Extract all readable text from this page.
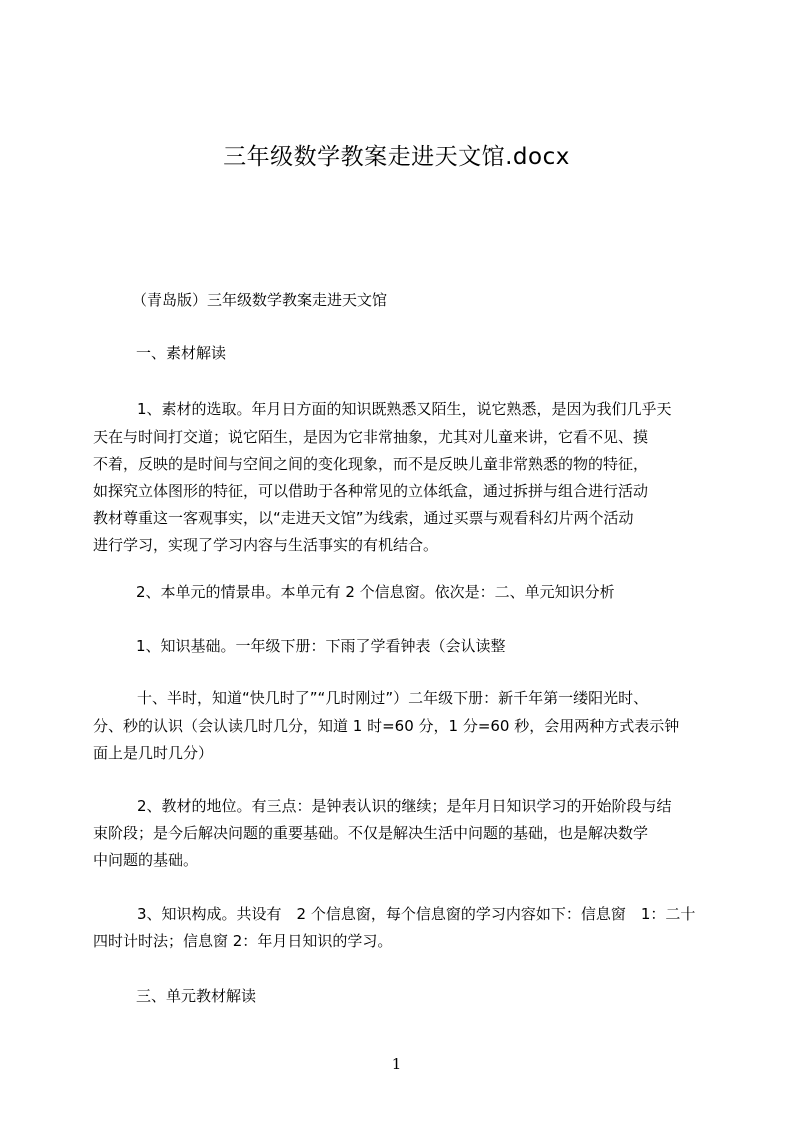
三年级数学教案走进天文馆.docx
（青岛版）三年级数学教案走进天文馆
一、素材解读
1、素材的选取。年月日方面的知识既熟悉又陌生，说它熟悉，是因为我们几乎天
天在与时间打交道；说它陌生，是因为它非常抽象，尤其对儿童来讲，它看不见、摸
不着，反映的是时间与空间之间的变化现象，而不是反映儿童非常熟悉的物的特征，
如探究立体图形的特征，可以借助于各种常见的立体纸盒，通过拆拼与组合进行活动
教材尊重这一客观事实，以“走进天文馆”为线索，通过买票与观看科幻片两个活动
进行学习，实现了学习内容与生活事实的有机结合。
2、本单元的情景串。本单元有 2 个信息窗。依次是：二、单元知识分析
1、知识基础。一年级下册：下雨了学看钟表（会认读整
十、半时，知道“快几时了”“几时刚过”）二年级下册：新千年第一缕阳光时、
分、秒的认识（会认读几时几分，知道 1 时=60 分，1 分=60 秒，会用两种方式表示钟
面上是几时几分）
2、教材的地位。有三点：是钟表认识的继续；是年月日知识学习的开始阶段与结
束阶段；是今后解决问题的重要基础。不仅是解决生活中问题的基础，也是解决数学
中问题的基础。
3、知识构成。共设有　2 个信息窗，每个信息窗的学习内容如下：信息窗　1：二十
四时计时法；信息窗 2：年月日知识的学习。
三、单元教材解读
1
